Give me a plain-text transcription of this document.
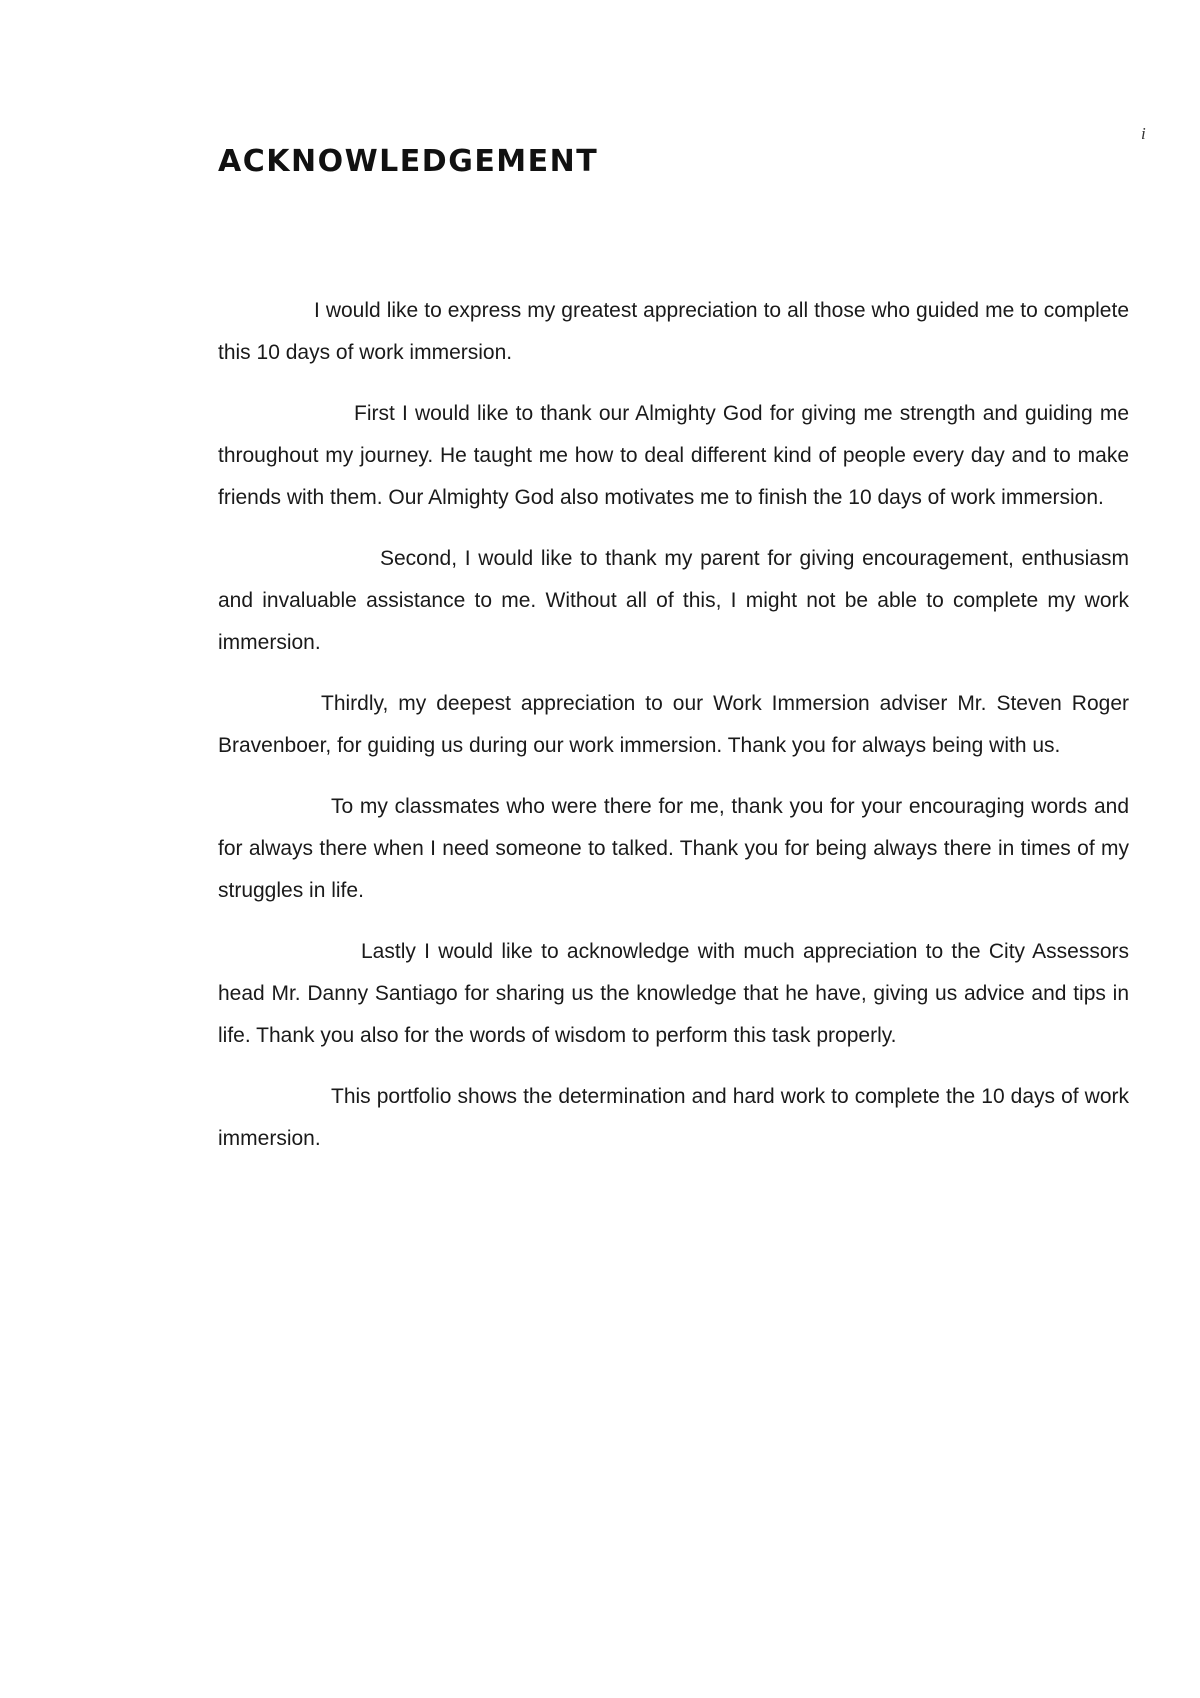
i
ACKNOWLEDGEMENT

I would like to express my greatest appreciation to all those who guided me to complete this 10 days of work immersion.

First I would like to thank our Almighty God for giving me strength and guiding me throughout my journey. He taught me how to deal different kind of people every day and to make friends with them. Our Almighty God also motivates me to finish the 10 days of work immersion.

Second, I would like to thank my parent for giving encouragement, enthusiasm and invaluable assistance to me. Without all of this, I might not be able to complete my work immersion.

Thirdly, my deepest appreciation to our Work Immersion adviser Mr. Steven Roger Bravenboer, for guiding us during our work immersion. Thank you for always being with us.

To my classmates who were there for me, thank you for your encouraging words and for always there when I need someone to talked. Thank you for being always there in times of my struggles in life.

Lastly I would like to acknowledge with much appreciation to the City Assessors head Mr. Danny Santiago for sharing us the knowledge that he have, giving us advice and tips in life. Thank you also for the words of wisdom to perform this task properly.

This portfolio shows the determination and hard work to complete the 10 days of work immersion.
